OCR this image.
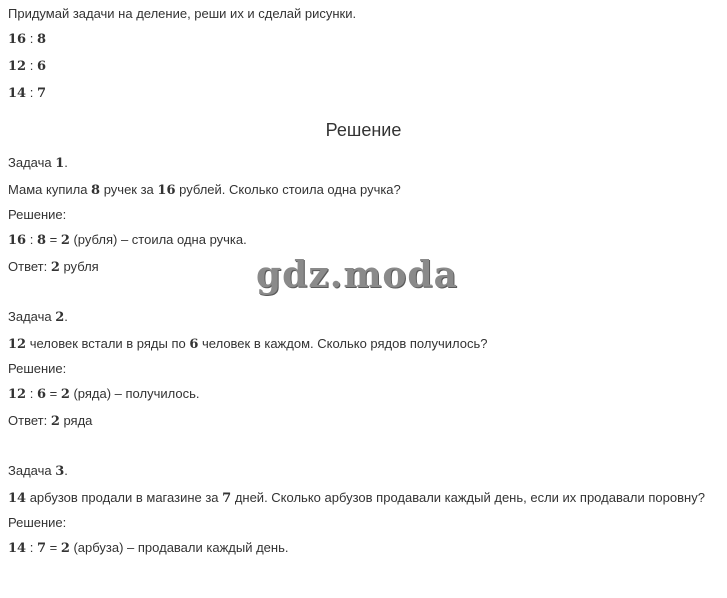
Придумай задачи на деление, реши их и сделай рисунки.
16 : 8
12 : 6
14 : 7
Решение
Задача 1.
Мама купила 8 ручек за 16 рублей. Сколько стоила одна ручка?
Решение:
16 : 8 = 2 (рубля) – стоила одна ручка.
Ответ: 2 рубля	gdz.moda
Задача 2.
12 человек встали в ряды по 6 человек в каждом. Сколько рядов получилось?
Решение:
12 : 6 = 2 (ряда) – получилось.
Ответ: 2 ряда
Задача 3.
14 арбузов продали в магазине за 7 дней. Сколько арбузов продавали каждый день, если их продавали поровну?
Решение:
14 : 7 = 2 (арбуза) – продавали каждый день.
